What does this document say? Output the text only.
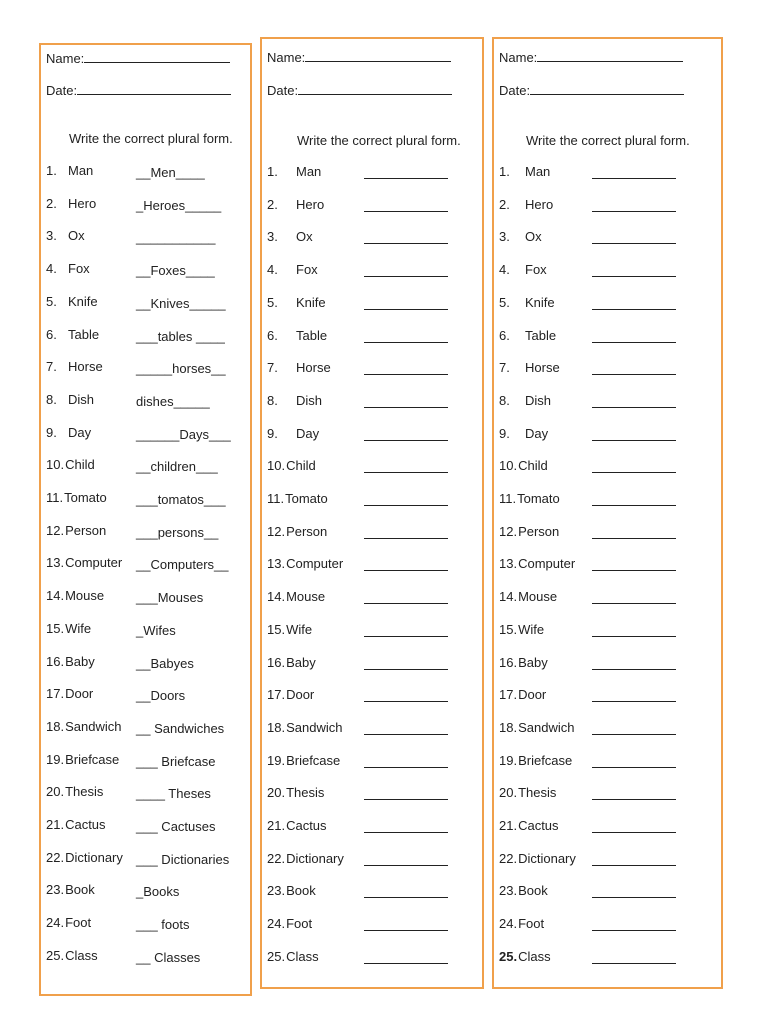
Name:
Date:
Write the correct plural form.
1. Man	__Men____
2. Hero	_Heroes_____
3. Ox	___________
4. Fox	__Foxes____
5. Knife	__Knives_____
6. Table	___tables ____
7. Horse	_____horses__
8. Dish	dishes_____
9. Day	______Days___
10.Child	__children___
11.Tomato ___tomatos___
12.Person ___persons__
13.Computer __Computers__
14.Mouse ___Mouses
15.Wife	_Wifes
16.Baby	__Babyes
17.Door	__Doors
18.Sandwich __ Sandwiches
19.Briefcase ___ Briefcase
20.Thesis	____ Theses
21.Cactus ___ Cactuses
22.Dictionary ___ Dictionaries
23.Book	_Books
24.Foot	___ foots
25.Class	__ Classes
Name:
Date:
Write the correct plural form.
1. Man
2. Hero
3. Ox
4. Fox
5. Knife
6. Table
7. Horse
8. Dish
9. Day
10.Child
11.Tomato
12.Person
13.Computer
14.Mouse
15.Wife
16.Baby
17.Door
18.Sandwich
19.Briefcase
20.Thesis
21.Cactus
22.Dictionary
23.Book
24.Foot
25.Class
Name:
Date:
Write the correct plural form.
1. Man
2. Hero
3. Ox
4. Fox
5. Knife
6. Table
7. Horse
8. Dish
9. Day
10.Child
11.Tomato
12.Person
13.Computer
14.Mouse
15.Wife
16.Baby
17.Door
18.Sandwich
19.Briefcase
20.Thesis
21.Cactus
22.Dictionary
23.Book
24.Foot
25.Class
